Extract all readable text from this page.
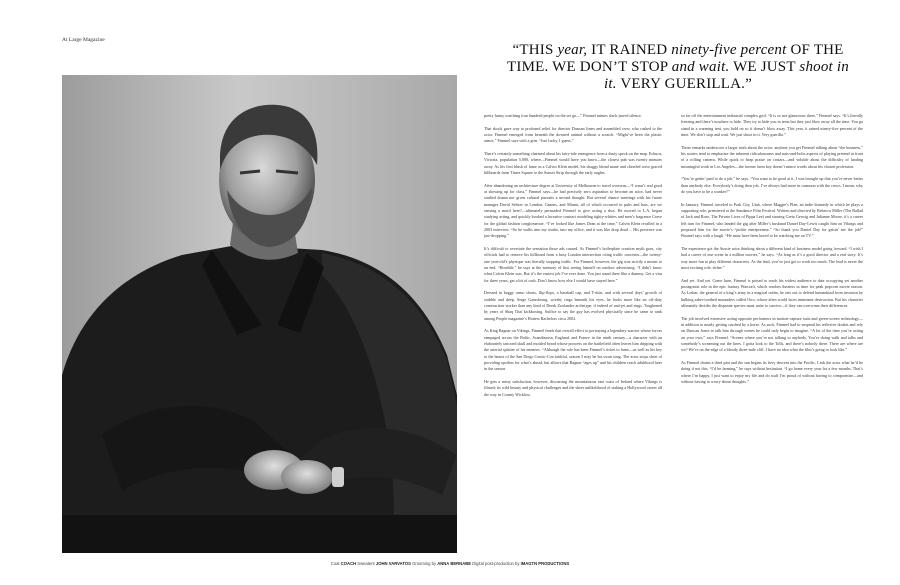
At Large Magazine
“THIS year, IT RAINED ninety-five percent OF THE TIME. WE DON’T STOP and wait. WE JUST shoot in it. VERY GUERILLA.”

pretty funny watching four hundred people on the set go—” Fimmel mimes slack-jawed silence.

That shock gave way to profound relief for director Duncan Jones and assembled crew, who rushed to the actor. Fimmel emerged from beneath the downed animal without a scratch. “Might’ve been the plastic armor,” Fimmel says with a grin. “Just lucky, I guess.”

There’s certainly something charmed about his fairy-tale emergence from a dusty speck on the map. Echuca, Victoria, population 5,000, where—Fimmel would have you know—the closest pub was twenty minutes away. As his first blush of fame as a Calvin Klein model, his shaggy blond mane and chiseled torso graced billboards from Times Square to the Sunset Strip through the early aughts.

After abandoning an architecture degree at University of Melbourne to travel overseas—“I wasn’t real good at showing up for class,” Fimmel says—he had precisely zero aspiration to become an actor, had never studied drama nor given cultural pursuits a second thought. But several chance meetings with his future manager David Seltzer in London, Cannes, and Miami, all of which occurred in pubs and bars, are we sensing a motif here?—ultimately persuaded Fimmel to give acting a shot. He moved to L.A. began studying acting, and quickly booked a lucrative contract modeling tighty-whities and men’s fragrance Crave for the global fashion conglomerate. “I’ve looked like James Dean at the time,” Calvin Klein recalled in a 2003 interview. “So he walks into my studio, into my office, and it was like drop dead ... His presence was jaw-dropping.”

It’s difficult to overstate the sensation those ads caused. As Fimmel’s boilerplate creation myth goes, city officials had to remove his billboard from a busy London intersection citing traffic concerns—the twenty-one year-old’s physique was literally stopping traffic. For Fimmel, however, the gig was strictly a means to an end. “Horrible,” he says at the memory of first seeing himself on outdoor advertising. “I didn’t know what Calvin Klein was. But it’s the easiest job I’ve ever done. You just stand there like a dummy. Get a visa for three years, get a bit of cash. Don’t know how else I would have stayed here.”

Dressed in baggy camo shorts, flip-flops, a baseball cap, and T-shirt, and with several days’ growth of stubble and deep, Serge Gainsbourg, worthy rings beneath his eyes, he looks more like an off-duty construction worker than any kind of Derek Zoolander archetype, if indeed of anti-jet and rings. Toughened by years of Shaq Thai kickboxing. Suffice to say the guy has evolved physically since he came to rank among People magazine’s Hottest Bachelors circa 2002.

As King Ragnar on Vikings, Fimmel fends that overall effect to portraying a legendary warrior whose forces rampaged across the Baltic, Scandinavia, England, and France in the ninth century—a character with an elaborately tattooed skull and mottled beard whose prowess on the battlefield often leaves him dripping with the arterial splatter of his enemies. “Although the role has been Fimmel’s ticket to fame—as well as his key to the hearts of the San Diego Comic-Con faithful, season 5 may be his swan song. The actor stops short of providing spoilers for what’s ahead, but allows that Ragnar “ages up” and his children reach adulthood later in the season.

He gets a misty satisfaction, however, discussing the mountainous east coast of Ireland where Vikings is filmed; its wild beauty and physical challenges and the sheer unlikelihood of staking a Hollywood career all the way in County Wicklow,

so far off the entertainment industrial complex grid. “It is so not glamorous there,” Fimmel says. “It’s literally freezing and there’s nowhere to hide. They try to hide you in tents but they just blow away all the time. You go stand in a warming tent, you hold on so it doesn’t blow away. This year, it rained ninety-five percent of the time. We don’t stop and wait. We just shoot in it. Very guerilla.”

Those remarks underscore a larger truth about the actor: anytime you get Fimmel talking about “the business,” his stories tend to emphasize the inherent ridiculousness and nuts-and-bolts aspects of playing pretend in front of a rolling camera. While quick to heap praise on costars—and voluble about the difficulty of landing meaningful work in Los Angeles—the former farm boy doesn’t mince words about his chosen profession.

“You’re gettin’ paid to do a job,” he says. “You want to be good at it. I was brought up that you’re never better than anybody else. Everybody’s doing their job. I’ve always had more in common with the crews. I mean, why do you have to be a wanker?”

In January, Fimmel traveled to Park City, Utah, where Maggie’s Plan, an indie dramedy in which he plays a supporting role, premiered at the Sundance Film Festival. Written and directed by Rebecca Miller (The Ballad of Jack and Rose, The Private Lives of Pippa Lee) and starring Greta Gerwig and Julianne Moore, it’s a career left turn for Fimmel, who landed the gig after Miller’s husband Daniel Day-Lewis caught him on Vikings and proposed him for the movie’s “pickle entrepreneur.” “So thank you Daniel Day for gettin’ me the job!” Fimmel says with a laugh. “He must have been bored to be watching me on TV.”

The experience got the Aussie actor thinking about a different kind of business model going forward. “I wish I had a career of one scene in a million movies,” he says. “As long as it’s a good director and a real story. It’s way more fun to play different characters. As the lead, you’ve just got to work too much. The lead is never the most exciting role, either.”

And yet. And yet. Come June, Fimmel is poised to reach his widest audience to date occupying yet another protagonist role in the epic fantasy Warcraft, which reaches theaters in time for peak popcorn movie season. As Lothar, the general of a king’s army in a magical realm, he sets out to defend humankind from invasion by hulking saber-toothed marauders called Orcs, whose alien world faces imminent destruction. But his character ultimately decides the disparate species must unite to survive—if they can overcome their differences.

The job involved extensive acting opposite performers in motion-capture suits and green-screen technology—in addition to nearly getting crushed by a horse. As such, Fimmel had to suspend his reflexive doubts and rely on Duncan Jones to talk him through scenes he could only begin to imagine. “A lot of the time you’re acting on your own,” says Fimmel. “Scenes where you’re not talking to anybody. You’re doing walk and talks and somebody’s screaming out the lines. I gotta look to the Tolls, and there’s nobody there. There are where are we? We’re on the edge of a bloody three-mile cliff. I have no idea what the film’s going to look like.”

As Fimmel drains a third pint and the sun begins its fiery descent into the Pacific, I ask the actor what he’d be doing if not this. “I’d be farming,” he says without hesitation. “I go home every year for a few months. That’s where I’m happy. I just want to enjoy my life and do stuff I’m proud of without having to compromise—and without having to worry about droughts.”

Coat COACH Sweaters JOHN VARVATOS Grooming by ANNA BERNABE Digital post-production by IMAGTN PRODUCTIONS
